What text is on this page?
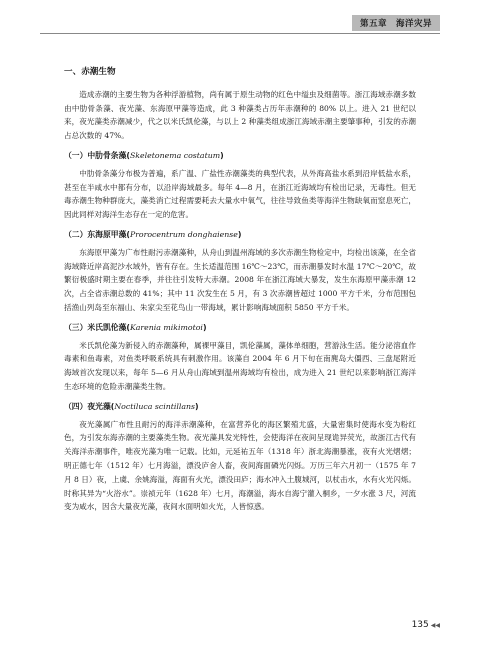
第五章  海洋灾异
一、赤潮生物

造成赤潮的主要生物为各种浮游植物，尚有属于原生动物的红色中缢虫及细菌等。浙江海域赤潮多数由中肋骨条藻、夜光藻、东海原甲藻等造成，此 3 种藻类占历年赤潮种的 80% 以上。进入 21 世纪以来，夜光藻类赤潮减少，代之以米氏凯伦藻，与以上 2 种藻类组成浙江海域赤潮主要肇事种，引发的赤潮占总次数的 47%。

（一）中肋骨条藻(Skeletonema costatum)

中肋骨条藻分布极为普遍，系广温、广盐性赤潮藻类的典型代表，从外海高盐水系到沿岸低盐水系，甚至在半咸水中都有分布，以沿岸海域最多。每年 4—8 月，在浙江近海域均有检出记录，无毒性。但无毒赤潮生物种群庞大，藻类消亡过程需要耗去大量水中氧气，往往导致鱼类等海洋生物缺氧而窒息死亡，因此同样对海洋生态存在一定的危害。

（二）东海原甲藻(Prorocentrum donghaiense)

东海原甲藻为广布性耐污赤潮藻种，从舟山到温州海域的多次赤潮生物检定中，均检出该藻，在全省海域降近岸高泥沙水域外，皆有存在。生长适温范围 16℃～23℃，而赤潮暴发时水温 17℃～20℃，故繁衍极盛时期主要在春季，并往往引发特大赤潮。2008 年在浙江海域大暴发，发生东海原甲藻赤潮 12 次，占全省赤潮总数的 41%；其中 11 次发生在 5 月，有 3 次赤潮皆超过 1000 平方千米，分布范围包括渔山列岛至东福山、朱家尖至花鸟山一带海域，累计影响海域面积 5850 平方千米。

（三）米氏凯伦藻(Karenia mikimotoi)

米氏凯伦藻为新侵入的赤潮藻种，属裸甲藻目，凯伦藻属，藻体单细胞，营游泳生活。能分泌溶血作毒素和鱼毒素，对鱼类呼吸系统具有刺激作用。该藻自 2004 年 6 月下旬在南麂岛大僵西、三盘尾附近海域首次发现以来，每年 5—6 月从舟山海域到温州海域均有检出，成为进入 21 世纪以来影响浙江海洋生态环境的危险赤潮藻类生物。

（四）夜光藻(Noctiluca scintillans)

夜光藻属广布性且耐污的海洋赤潮藻种，在富营养化的海区繁殖尤盛，大量密集时使海水变为粉红色，为引发东海赤潮的主要藻类生物。夜光藻具发光特性，会使海洋在夜间呈现诡异荧光，故浙江古代有关海洋赤潮事件，唯夜光藻为唯一记载。比如，元延祐五年（1318 年）浙北海潮暴涨，夜有火光熠熠；明正德七年（1512 年）七月海溢，漂没庐舍人畜，夜间海面磷光闪烁。万历三年六月初一（1575 年 7 月 8 日）夜，上虞、余姚海溢，海面有火光，漂没田庐；海水冲入土腹城河，以杖击水，水有火光闪烁。时称其异为“火浴水”。崇祯元年（1628 年）七月，海潮溢，海水自海宁灌入桐乡，一夕水涨 3 尺，河流变为咸水，因含大量夜光藻，夜间水面明如火光，人皆惊惑。

135 ◀◀
